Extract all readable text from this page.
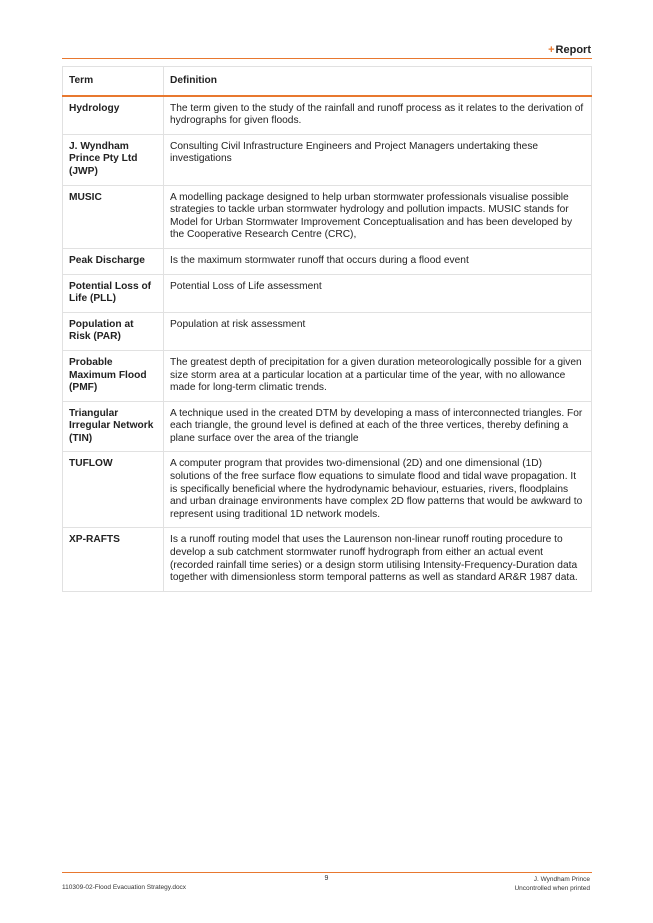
+Report
Term	Definition
Hydrology	The term given to the study of the rainfall and runoff process as it relates to the derivation of hydrographs for given floods.
J. Wyndham Prince Pty Ltd (JWP)	Consulting Civil Infrastructure Engineers and Project Managers undertaking these investigations
MUSIC	A modelling package designed to help urban stormwater professionals visualise possible strategies to tackle urban stormwater hydrology and pollution impacts. MUSIC stands for Model for Urban Stormwater Improvement Conceptualisation and has been developed by the Cooperative Research Centre (CRC),
Peak Discharge	Is the maximum stormwater runoff that occurs during a flood event
Potential Loss of Life (PLL)	Potential Loss of Life assessment
Population at Risk (PAR)	Population at risk assessment
Probable Maximum Flood (PMF)	The greatest depth of precipitation for a given duration meteorologically possible for a given size storm area at a particular location at a particular time of the year, with no allowance made for long-term climatic trends.
Triangular Irregular Network (TIN)	A technique used in the created DTM by developing a mass of interconnected triangles. For each triangle, the ground level is defined at each of the three vertices, thereby defining a plane surface over the area of the triangle
TUFLOW	A computer program that provides two-dimensional (2D) and one dimensional (1D) solutions of the free surface flow equations to simulate flood and tidal wave propagation. It is specifically beneficial where the hydrodynamic behaviour, estuaries, rivers, floodplains and urban drainage environments have complex 2D flow patterns that would be awkward to represent using traditional 1D network models.
XP-RAFTS	Is a runoff routing model that uses the Laurenson non-linear runoff routing procedure to develop a sub catchment stormwater runoff hydrograph from either an actual event (recorded rainfall time series) or a design storm utilising Intensity-Frequency-Duration data together with dimensionless storm temporal patterns as well as standard AR&R 1987 data.
9
110309-02-Flood Evacuation Strategy.docx
J. Wyndham Prince
Uncontrolled when printed
